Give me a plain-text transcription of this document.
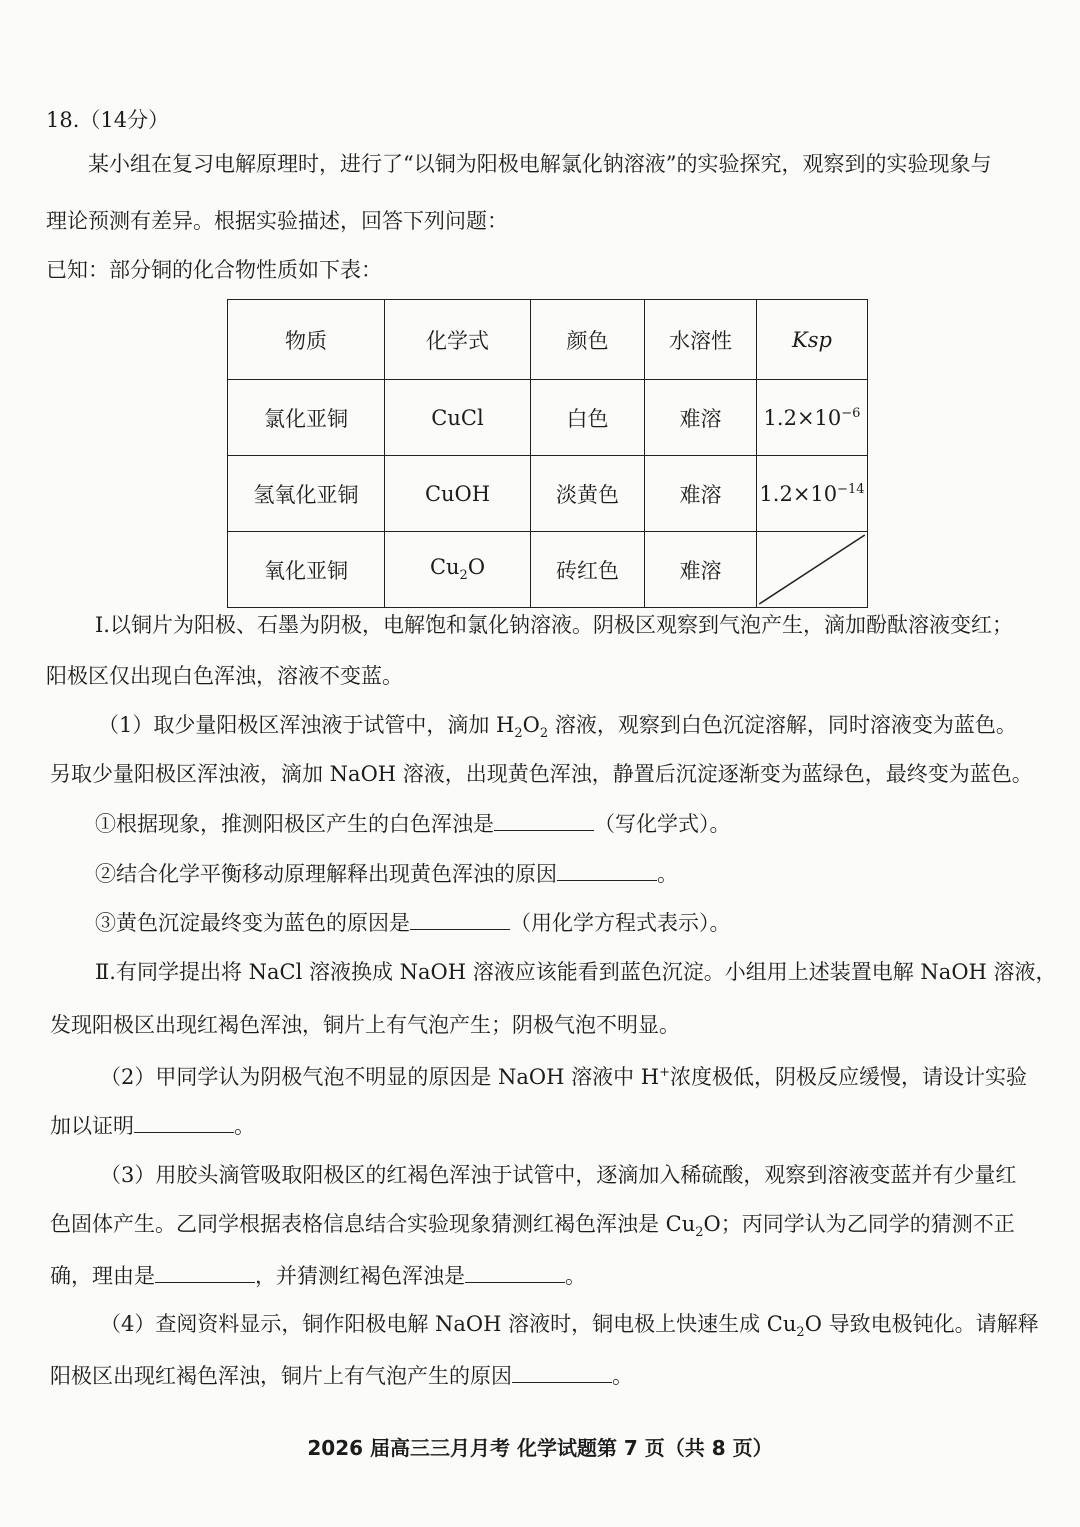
18.（14分）
某小组在复习电解原理时，进行了“以铜为阳极电解氯化钠溶液”的实验探究，观察到的实验现象与
理论预测有差异。根据实验描述，回答下列问题：
已知：部分铜的化合物性质如下表：
物质	化学式	颜色	水溶性	Ksp
氯化亚铜	CuCl	白色	难溶	$1.2\times 10^{-6}$
氢氧化亚铜	CuOH	淡黄色	难溶	$1.2\times 10^{-14}$
氧化亚铜	$Cu_2O$	砖红色	难溶	
Ⅰ.以铜片为阳极、石墨为阴极，电解饱和氯化钠溶液。阴极区观察到气泡产生，滴加酚酞溶液变红；
阳极区仅出现白色浑浊，溶液不变蓝。
（1）取少量阳极区浑浊液于试管中，滴加 $H_2O_2$ 溶液，观察到白色沉淀溶解，同时溶液变为蓝色。
另取少量阳极区浑浊液，滴加 NaOH 溶液，出现黄色浑浊，静置后沉淀逐渐变为蓝绿色，最终变为蓝色。
①根据现象，推测阳极区产生的白色浑浊是	（写化学式）。
②结合化学平衡移动原理解释出现黄色浑浊的原因	。
③黄色沉淀最终变为蓝色的原因是	（用化学方程式表示）。
Ⅱ.有同学提出将 NaCl 溶液换成 NaOH 溶液应该能看到蓝色沉淀。小组用上述装置电解 NaOH 溶液，
发现阳极区出现红褐色浑浊，铜片上有气泡产生；阴极气泡不明显。
（2）甲同学认为阴极气泡不明显的原因是 NaOH 溶液中 H+浓度极低，阴极反应缓慢，请设计实验
加以证明	。
（3）用胶头滴管吸取阳极区的红褐色浑浊于试管中，逐滴加入稀硫酸，观察到溶液变蓝并有少量红
色固体产生。乙同学根据表格信息结合实验现象猜测红褐色浑浊是 $Cu_2O$；丙同学认为乙同学的猜测不正
确，理由是	，并猜测红褐色浑浊是	。
（4）查阅资料显示，铜作阳极电解 NaOH 溶液时，铜电极上快速生成 $Cu_2O$ 导致电极钝化。请解释
阳极区出现红褐色浑浊，铜片上有气泡产生的原因	。
2026 届高三三月月考 化学试题第 7 页（共 8 页）
